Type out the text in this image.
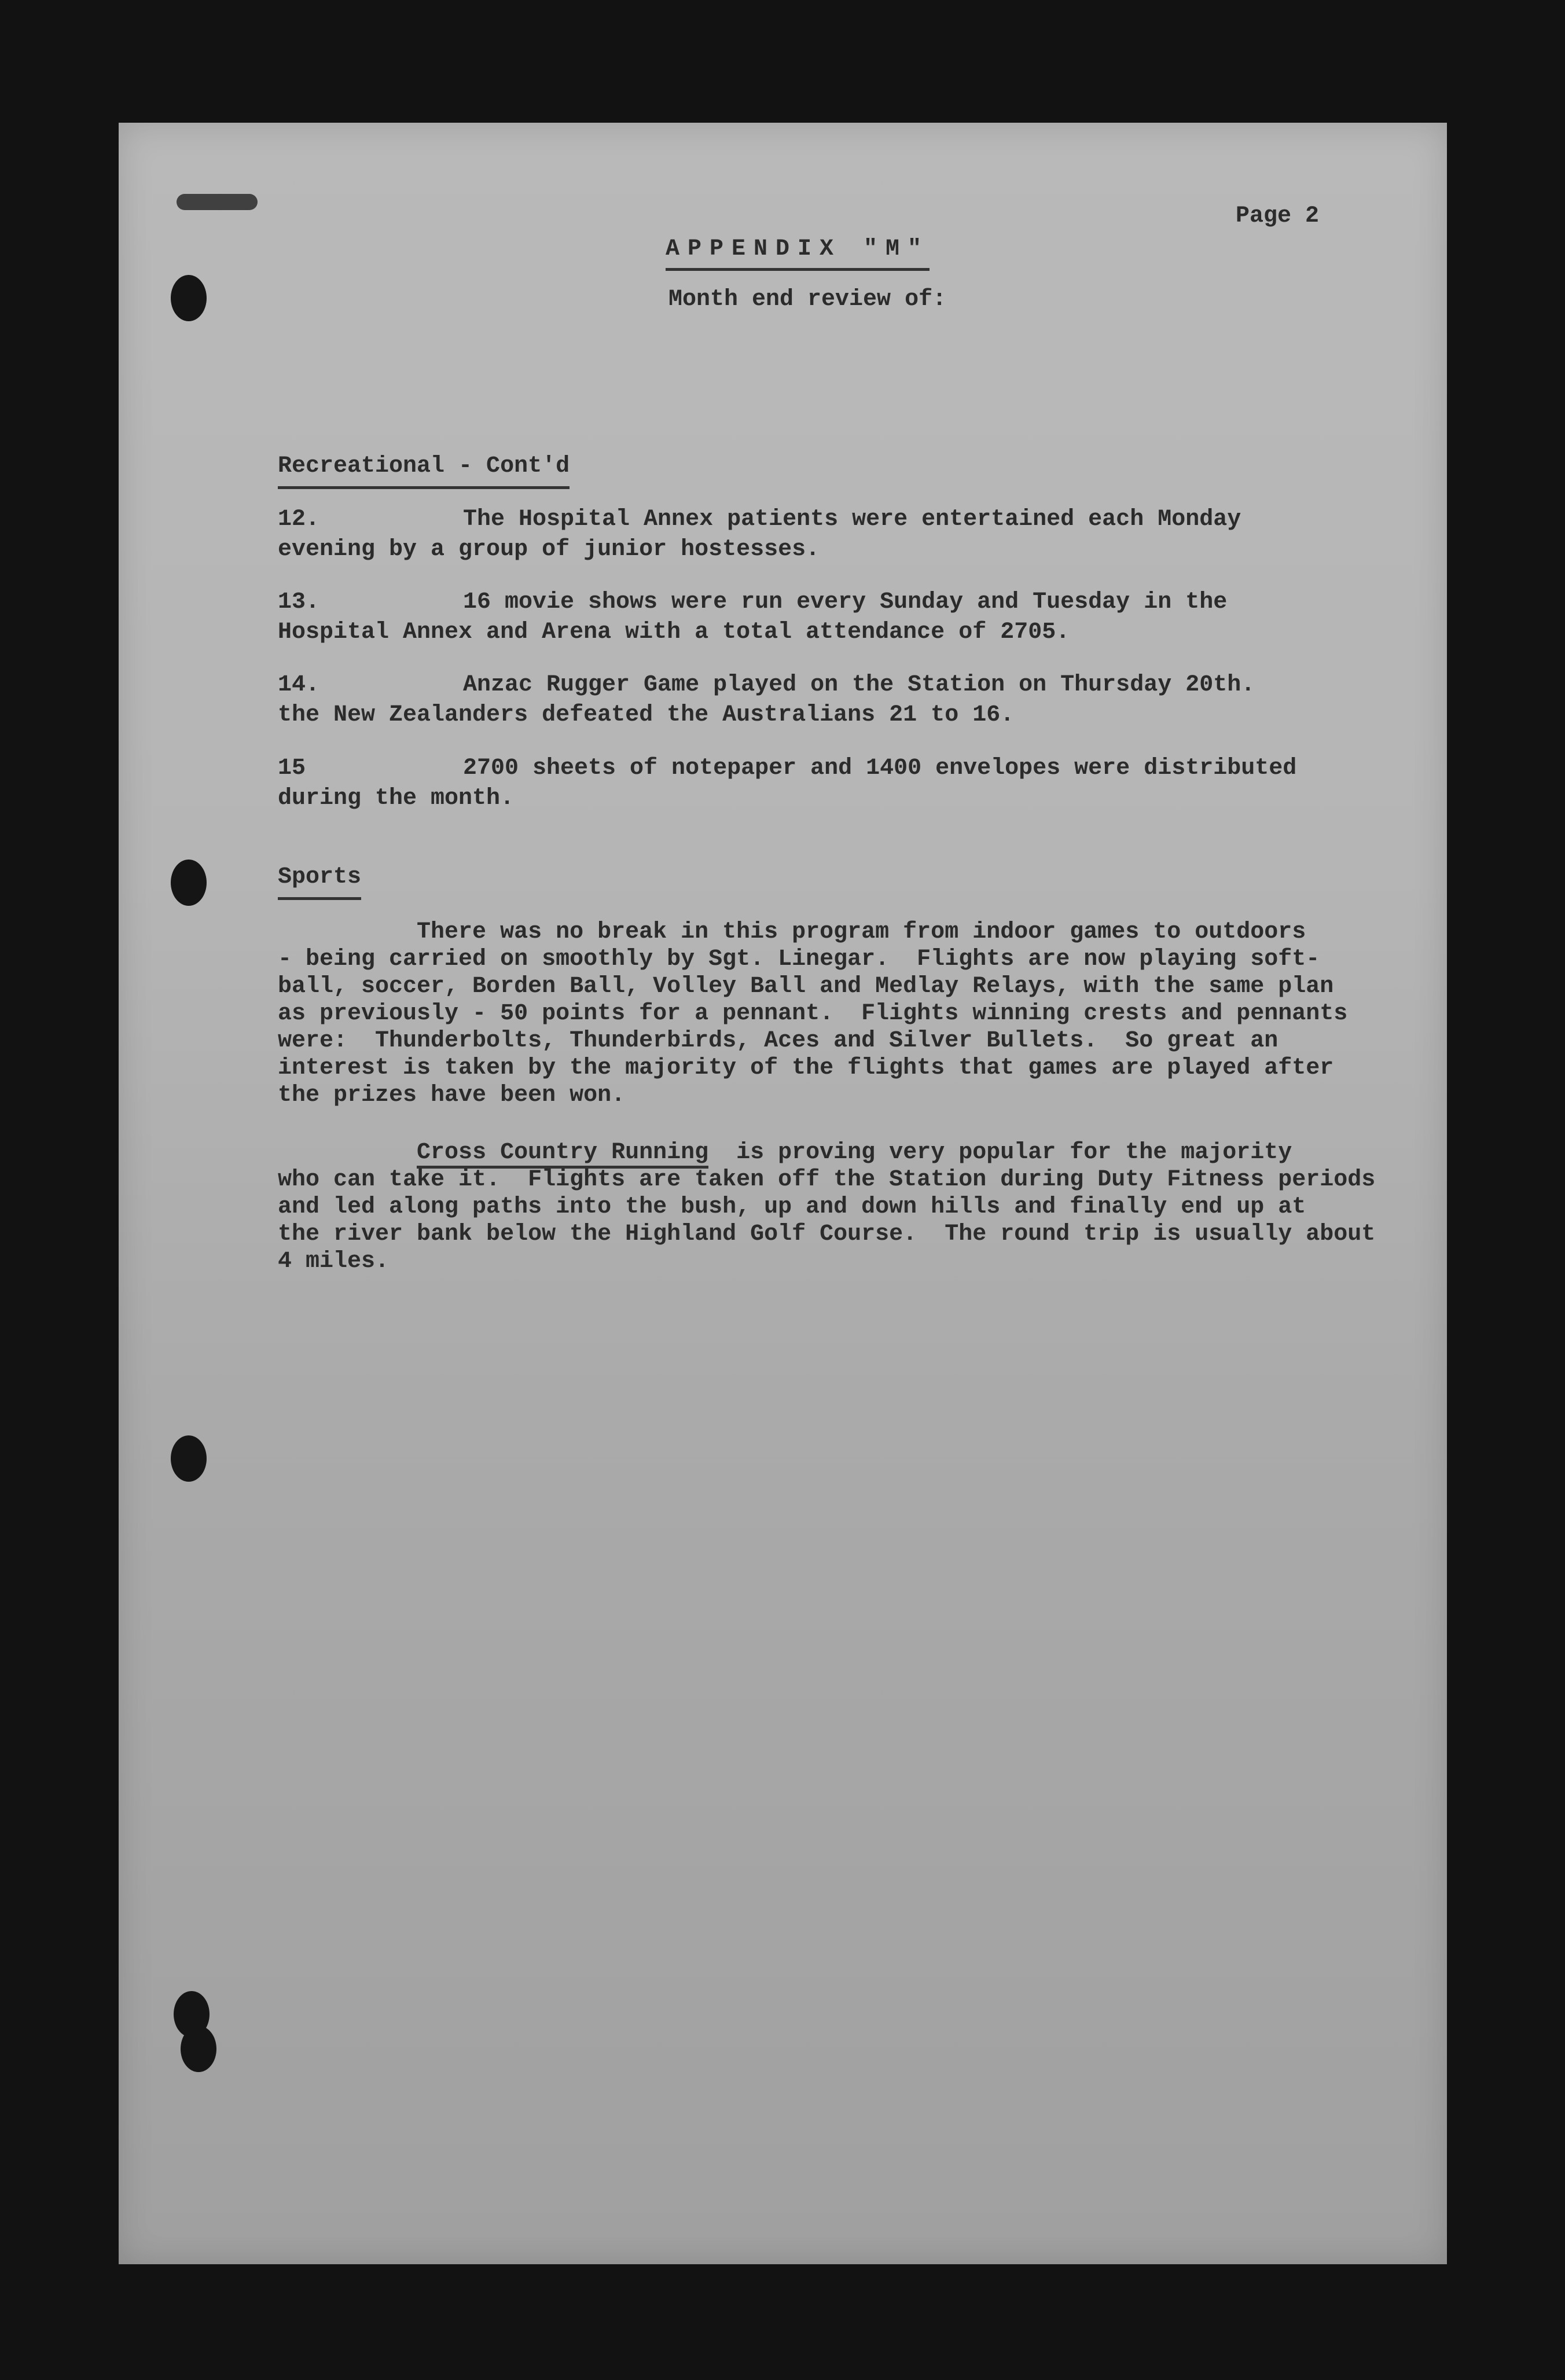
Page 2
APPENDIX "M"
Month end review of:
Recreational - Cont'd
12.	The Hospital Annex patients were entertained each Monday
evening by a group of junior hostesses.
13.	16 movie shows were run every Sunday and Tuesday in the
Hospital Annex and Arena with a total attendance of 2705.
14.	Anzac Rugger Game played on the Station on Thursday 20th.
the New Zealanders defeated the Australians 21 to 16.
15	2700 sheets of notepaper and 1400 envelopes were distributed
during the month.
Sports
There was no break in this program from indoor games to outdoors
- being carried on smoothly by Sgt. Linegar.  Flights are now playing soft-
ball, soccer, Borden Ball, Volley Ball and Medlay Relays, with the same plan
as previously - 50 points for a pennant.  Flights winning crests and pennants
were:  Thunderbolts, Thunderbirds, Aces and Silver Bullets.  So great an
interest is taken by the majority of the flights that games are played after
the prizes have been won.
Cross Country Running  is proving very popular for the majority
who can take it.  Flights are taken off the Station during Duty Fitness periods
and led along paths into the bush, up and down hills and finally end up at
the river bank below the Highland Golf Course.  The round trip is usually about
4 miles.
